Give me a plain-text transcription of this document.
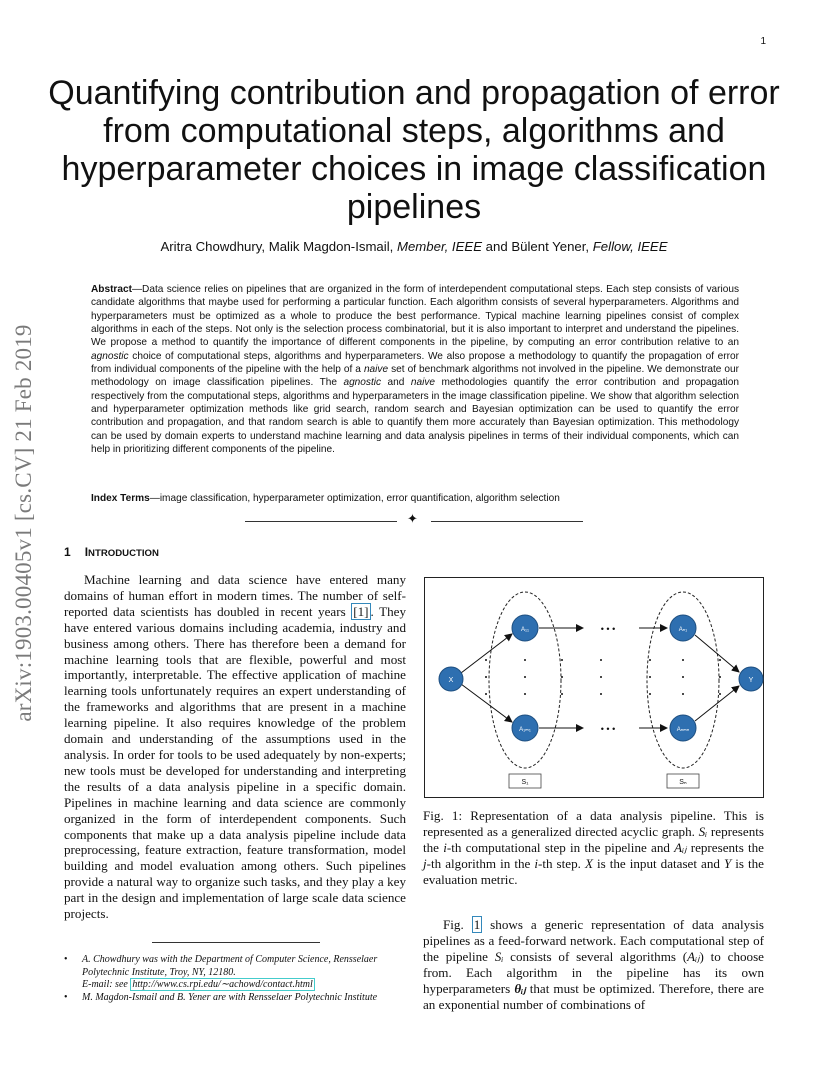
1
arXiv:1903.00405v1 [cs.CV] 21 Feb 2019
Quantifying contribution and propagation of error from computational steps, algorithms and hyperparameter choices in image classification pipelines
Aritra Chowdhury, Malik Magdon-Ismail, Member, IEEE and Bülent Yener, Fellow, IEEE
Abstract—Data science relies on pipelines that are organized in the form of interdependent computational steps. Each step consists of various candidate algorithms that maybe used for performing a particular function. Each algorithm consists of several hyperparameters. Algorithms and hyperparameters must be optimized as a whole to produce the best performance. Typical machine learning pipelines consist of complex algorithms in each of the steps. Not only is the selection process combinatorial, but it is also important to interpret and understand the pipelines. We propose a method to quantify the importance of different components in the pipeline, by computing an error contribution relative to an agnostic choice of computational steps, algorithms and hyperparameters. We also propose a methodology to quantify the propagation of error from individual components of the pipeline with the help of a naive set of benchmark algorithms not involved in the pipeline. We demonstrate our methodology on image classification pipelines. The agnostic and naive methodologies quantify the error contribution and propagation respectively from the computational steps, algorithms and hyperparameters in the image classification pipeline. We show that algorithm selection and hyperparameter optimization methods like grid search, random search and Bayesian optimization can be used to quantify the error contribution and propagation, and that random search is able to quantify them more accurately than Bayesian optimization. This methodology can be used by domain experts to understand machine learning and data analysis pipelines in terms of their individual components, which can help in prioritizing different components of the pipeline.
Index Terms—image classification, hyperparameter optimization, error quantification, algorithm selection
✦
1 INTRODUCTION

Machine learning and data science have entered many domains of human effort in modern times. The number of self-reported data scientists has doubled in recent years [1] . They have entered various domains including academia, industry and business among others. There has therefore been a demand for machine learning tools that are flexible, powerful and most importantly, interpretable. The effective application of machine learning tools unfortunately requires an expert understanding of the frameworks and algorithms that are present in a machine learning pipeline. It also requires knowledge of the problem domain and understanding of the assumptions used in the analysis. In order for tools to be used adequately by non-experts; new tools must be developed for understanding and interpreting the results of a data analysis pipeline in a specific domain. Pipelines in machine learning and data science are commonly organized in the form of interdependent components. Such components that make up a data analysis pipeline include data preprocessing, feature extraction, feature transformation, model building and model evaluation among others. Such pipelines provide a natural way to organize such tasks, and they play a key part in the design and implementation of large scale data science projects.

• A. Chowdhury was with the Department of Computer Science, Rensselaer Polytechnic Institute, Troy, NY, 12180.
E-mail: see http://www.cs.rpi.edu/∼achowd/contact.html
• M. Magdon-Ismail and B. Yener are with Rensselaer Polytechnic Institute
• • •
• • •
X
A₁₁
A₁ₘ₁
Aₙ₁
Aₙₘₙ
Y
S₁	Sₙ
Fig. 1: Representation of a data analysis pipeline. This is represented as a generalized directed acyclic graph. Sᵢ represents the i-th computational step in the pipeline and Aᵢⱼ represents the j-th algorithm in the i-th step. X is the input dataset and Y is the evaluation metric.

Fig. 1 shows a generic representation of data analysis pipelines as a feed-forward network. Each computational step of the pipeline Sᵢ consists of several algorithms (Aᵢⱼ) to choose from. Each algorithm in the pipeline has its own hyperparameters θᵢⱼ that must be optimized. Therefore, there are an exponential number of combinations of
